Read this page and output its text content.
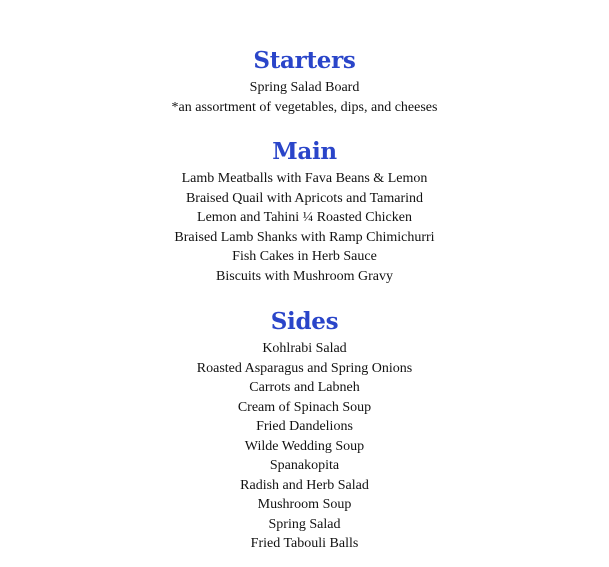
Starters

Spring Salad Board

*an assortment of vegetables, dips, and cheeses

Main

Lamb Meatballs with Fava Beans & Lemon

Braised Quail with Apricots and Tamarind

Lemon and Tahini ¼ Roasted Chicken

Braised Lamb Shanks with Ramp Chimichurri

Fish Cakes in Herb Sauce

Biscuits with Mushroom Gravy

Sides

Kohlrabi Salad

Roasted Asparagus and Spring Onions

Carrots and Labneh

Cream of Spinach Soup

Fried Dandelions

Wilde Wedding Soup

Spanakopita

Radish and Herb Salad

Mushroom Soup

Spring Salad

Fried Tabouli Balls
